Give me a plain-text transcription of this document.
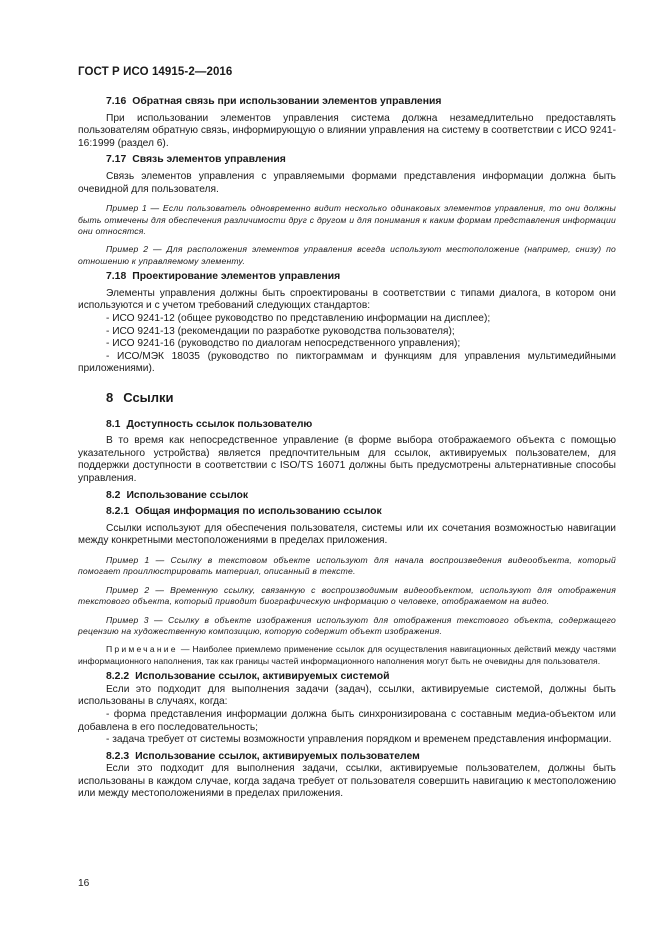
ГОСТ Р ИСО 14915-2—2016

7.16 Обратная связь при использовании элементов управления

При использовании элементов управления система должна незамедлительно предоставлять пользователям обратную связь, информирующую о влиянии управления на систему в соответствии с ИСО 9241-16:1999 (раздел 6).

7.17 Связь элементов управления

Связь элементов управления с управляемыми формами представления информации должна быть очевидной для пользователя.

Пример 1 — Если пользователь одновременно видит несколько одинаковых элементов управления, то они должны быть отмечены для обеспечения различимости друг с другом и для понимания к каким формам представления информации они относятся.

Пример 2 — Для расположения элементов управления всегда используют местоположение (например, снизу) по отношению к управляемому элементу.

7.18 Проектирование элементов управления

Элементы управления должны быть спроектированы в соответствии с типами диалога, в котором они используются и с учетом требований следующих стандартов:

- ИСО 9241-12 (общее руководство по представлению информации на дисплее);

- ИСО 9241-13 (рекомендации по разработке руководства пользователя);

- ИСО 9241-16 (руководство по диалогам непосредственного управления);

- ИСО/МЭК 18035 (руководство по пиктограммам и функциям для управления мультимедийными приложениями).

8 Ссылки

8.1 Доступность ссылок пользователю

В то время как непосредственное управление (в форме выбора отображаемого объекта с помощью указательного устройства) является предпочтительным для ссылок, активируемых пользователем, для поддержки доступности в соответствии с ISO/TS 16071 должны быть предусмотрены альтернативные способы управления.

8.2 Использование ссылок

8.2.1 Общая информация по использованию ссылок

Ссылки используют для обеспечения пользователя, системы или их сочетания возможностью навигации между конкретными местоположениями в пределах приложения.

Пример 1 — Ссылку в текстовом объекте используют для начала воспроизведения видеообъекта, который помогает проиллюстрировать материал, описанный в тексте.

Пример 2 — Временную ссылку, связанную с воспроизводимым видеообъектом, используют для отображения текстового объекта, который приводит биографическую информацию о человеке, отображаемом на видео.

Пример 3 — Ссылку в объекте изображения используют для отображения текстового объекта, содержащего рецензию на художественную композицию, которую содержит объект изображения.

Примечание — Наиболее приемлемо применение ссылок для осуществления навигационных действий между частями информационного наполнения, так как границы частей информационного наполнения могут быть не очевидны для пользователя.

8.2.2 Использование ссылок, активируемых системой

Если это подходит для выполнения задачи (задач), ссылки, активируемые системой, должны быть использованы в случаях, когда:

- форма представления информации должна быть синхронизирована с составным медиа-объектом или добавлена в его последовательность;

- задача требует от системы возможности управления порядком и временем представления информации.

8.2.3 Использование ссылок, активируемых пользователем

Если это подходит для выполнения задачи, ссылки, активируемые пользователем, должны быть использованы в каждом случае, когда задача требует от пользователя совершить навигацию к местоположению или между местоположениями в пределах приложения.

16
